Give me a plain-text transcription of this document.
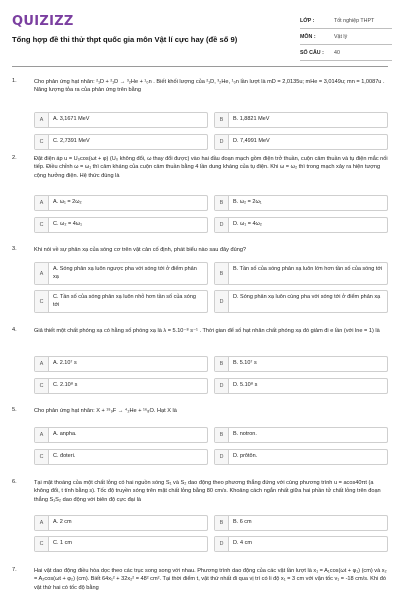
QUIZIZZ
Tổng hợp đề thi thử thpt quốc gia môn Vật lí cực hay (đề số 9)
LỚP :	Tốt nghiệp THPT
MÔN :	Vật lý
SỐ CÂU :	40
1.	Cho phản ứng hạt nhân: ²₁D + ²₁D → ³₂He + ¹₀n . Biết khối lượng của ²₁D, ³₂He, ¹₀n lần lượt là mD = 2,0135u; mHe = 3,0149u; mn = 1,0087u . Năng lượng tỏa ra của phản ứng trên bằng
A	A. 3,1671 MeV	B	B. 1,8821 MeV
C	C. 2,7391 MeV	D	D. 7,4991 MeV
2.	Đặt điện áp u = U₀cos(ωt + φ) (U₀ không đổi, ω thay đổi được) vào hai đầu đoạn mạch gồm điện trở thuần, cuộn cảm thuần và tụ điện mắc nối tiếp. Điều chỉnh ω = ω₁ thì cảm kháng của cuộn cảm thuần bằng 4 lần dung kháng của tụ điện. Khi ω = ω₂ thì trong mạch xảy ra hiện tượng cộng hưởng điện. Hệ thức đúng là
A	A. ω₁ = 2ω₂	B	B. ω₂ = 2ω₁
C	C. ω₂ = 4ω₁	D	D. ω₁ = 4ω₂
3.	Khi nói về sự phản xạ của sóng cơ trên vật cản cố định, phát biểu nào sau đây đúng?
A
A. Sóng phản xạ luôn ngược pha với sóng tới ở điểm phản xạ
B
B. Tần số của sóng phản xạ luôn lớn hơn tần số của sóng tới
C
C. Tần số của sóng phản xạ luôn nhỏ hơn tần số của sóng tới
D
D. Sóng phản xạ luôn cùng pha với sóng tới ở điểm phản xạ
4.	Giả thiết một chất phóng xạ có hằng số phóng xạ là λ = 5.10⁻⁸ s⁻¹ . Thời gian để số hạt nhân chất phóng xạ đó giảm đi e lần (với lne = 1) là
A	A. 2.10⁷ s	B	B. 5.10⁷ s
C	C. 2.10⁸ s	D	D. 5.10⁸ s
5.	Cho phản ứng hạt nhân: X + ¹⁹₉F → ⁴₂He + ¹⁶₈O. Hạt X là
A	A. anpha.	B	B. notron.
C	C. đoteri.	D	D. prôtôn.
6.	Tại mặt thoáng của một chất lỏng có hai nguồn sóng S₁ và S₂ dao động theo phương thẳng đứng với cùng phương trình u = acos40πt (a không đổi, t tính bằng s). Tốc độ truyền sóng trên mặt chất lỏng bằng 80 cm/s. Khoảng cách ngắn nhất giữa hai phần tử chất lỏng trên đoạn thẳng S₁S₂ dao động với biên độ cực đại là
A	A. 2 cm	B	B. 6 cm
C	C. 1 cm	D	D. 4 cm
7.	Hai vật dao động điều hòa dọc theo các trục song song với nhau. Phương trình dao động của các vật lần lượt là x₁ = A₁cos(ωt + φ₁) (cm) và x₂ = A₂cos(ωt + φ₂) (cm). Biết 64x₁² + 32x₂² = 48² cm². Tại thời điểm t, vật thứ nhất đi qua vị trí có li độ x₁ = 3 cm với vận tốc v₁ = -18 cm/s. Khi đó vật thứ hai có tốc độ bằng
